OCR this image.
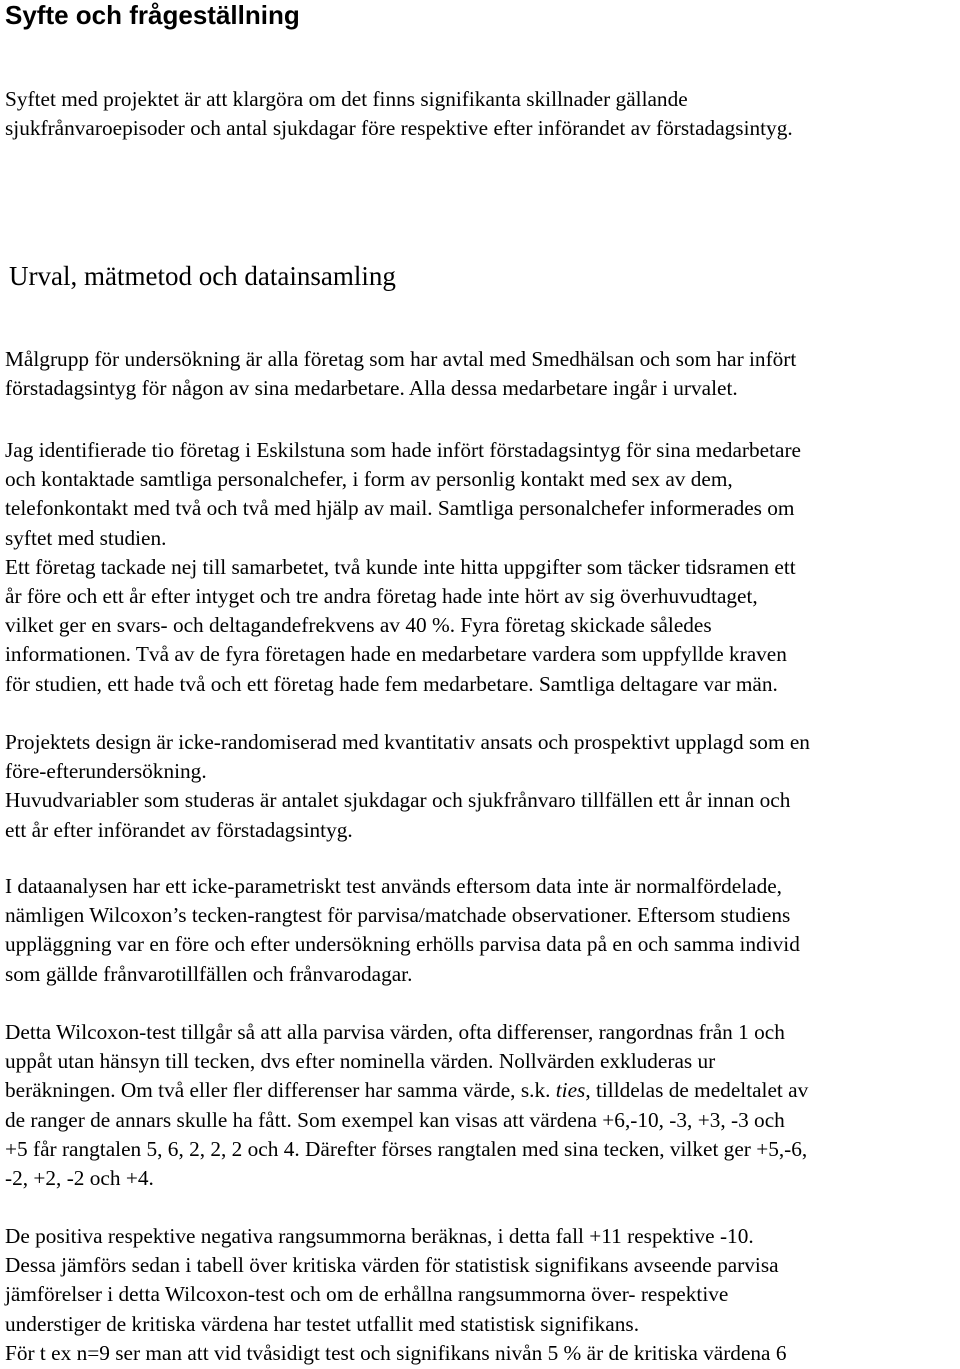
Syfte och frågeställning

Syftet med projektet är att klargöra om det finns signifikanta skillnader gällande
sjukfrånvaroepisoder och antal sjukdagar före respektive efter införandet av förstadagsintyg.

Urval, mätmetod och datainsamling

Målgrupp för undersökning är alla företag som har avtal med Smedhälsan och som har infört
förstadagsintyg för någon av sina medarbetare. Alla dessa medarbetare ingår i urvalet.

Jag identifierade tio företag i Eskilstuna som hade infört förstadagsintyg för sina medarbetare
och kontaktade samtliga personalchefer, i form av personlig kontakt med sex av dem,
telefonkontakt med två och två med hjälp av mail. Samtliga personalchefer informerades om
syftet med studien.
Ett företag tackade nej till samarbetet, två kunde inte hitta uppgifter som täcker tidsramen ett
år före och ett år efter intyget och tre andra företag hade inte hört av sig överhuvudtaget,
vilket ger en svars- och deltagandefrekvens av 40 %. Fyra företag skickade således
informationen. Två av de fyra företagen hade en medarbetare vardera som uppfyllde kraven
för studien, ett hade två och ett företag hade fem medarbetare. Samtliga deltagare var män.

Projektets design är icke-randomiserad med kvantitativ ansats och prospektivt upplagd som en
före-efterundersökning.
Huvudvariabler som studeras är antalet sjukdagar och sjukfrånvaro tillfällen ett år innan och
ett år efter införandet av förstadagsintyg.

I dataanalysen har ett icke-parametriskt test används eftersom data inte är normalfördelade,
nämligen Wilcoxon’s tecken-rangtest för parvisa/matchade observationer. Eftersom studiens
uppläggning var en före och efter undersökning erhölls parvisa data på en och samma individ
som gällde frånvarotillfällen och frånvarodagar.

Detta Wilcoxon-test tillgår så att alla parvisa värden, ofta differenser, rangordnas från 1 och
uppåt utan hänsyn till tecken, dvs efter nominella värden. Nollvärden exkluderas ur
beräkningen. Om två eller fler differenser har samma värde, s.k. ties, tilldelas de medeltalet av
de ranger de annars skulle ha fått. Som exempel kan visas att värdena +6,-10, -3, +3, -3 och
+5 får rangtalen 5, 6, 2, 2, 2 och 4. Därefter förses rangtalen med sina tecken, vilket ger +5,-6,
-2, +2, -2 och +4.

De positiva respektive negativa rangsummorna beräknas, i detta fall +11 respektive -10.
Dessa jämförs sedan i tabell över kritiska värden för statistisk signifikans avseende parvisa
jämförelser i detta Wilcoxon-test och om de erhållna rangsummorna över- respektive
understiger de kritiska värdena har testet utfallit med statistisk signifikans.
För t ex n=9 ser man att vid tvåsidigt test och signifikans nivån 5 % är de kritiska värdena 6
